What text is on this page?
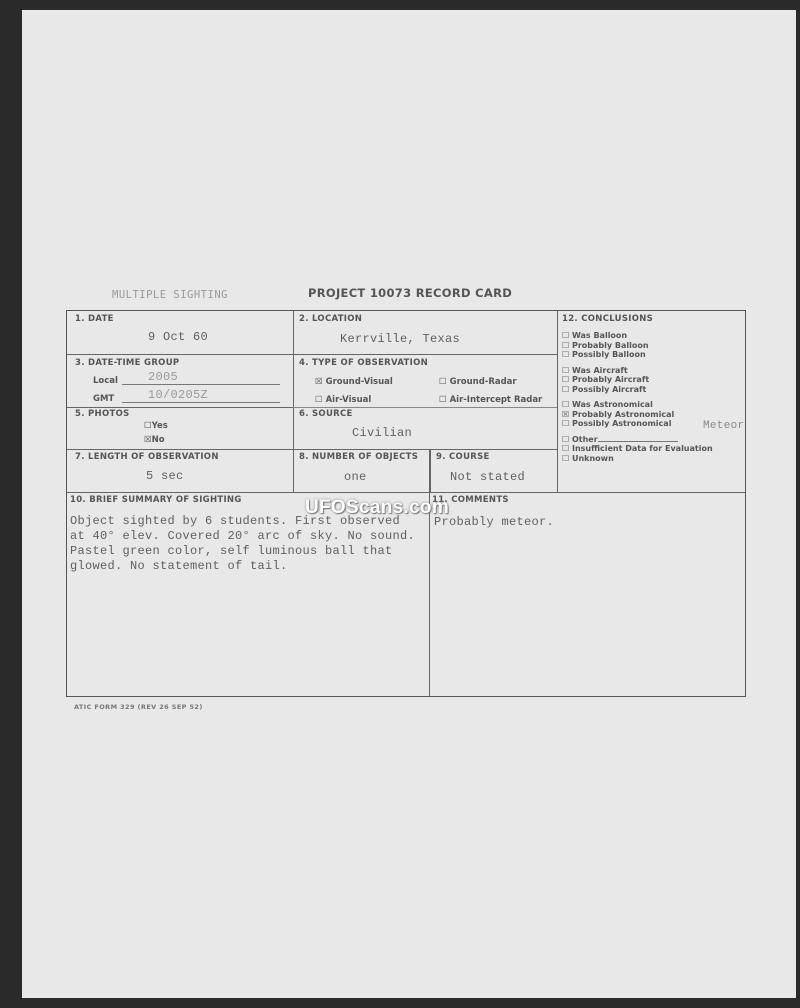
MULTIPLE SIGHTING	PROJECT 10073 RECORD CARD
1. DATE
9 Oct 60
2. LOCATION
Kerrville, Texas
3. DATE-TIME GROUP
Local	2005
GMT	10/0205Z
4. TYPE OF OBSERVATION
☒ Ground-Visual	☐ Ground-Radar
☐ Air-Visual	☐ Air-Intercept Radar
5. PHOTOS
☐Yes
☒No
6. SOURCE
Civilian
7. LENGTH OF OBSERVATION
5 sec
8. NUMBER OF OBJECTS
one
9. COURSE
Not stated
12. CONCLUSIONS
☐ Was Balloon
☐ Probably Balloon
☐ Possibly Balloon
☐ Was Aircraft
☐ Probably Aircraft
☐ Possibly Aircraft
☐ Was Astronomical
☒ Probably Astronomical
☐ Possibly Astronomical
☐ Other
☐ Insufficient Data for Evaluation
☐ Unknown
Meteor
10. BRIEF SUMMARY OF SIGHTING
Object sighted by 6 students. First observed
at 40° elev. Covered 20° arc of sky. No sound.
Pastel green color, self luminous ball that
glowed. No statement of tail.
11. COMMENTS
Probably meteor.
ATIC FORM 329 (REV 26 SEP 52)
UFOScans.com
